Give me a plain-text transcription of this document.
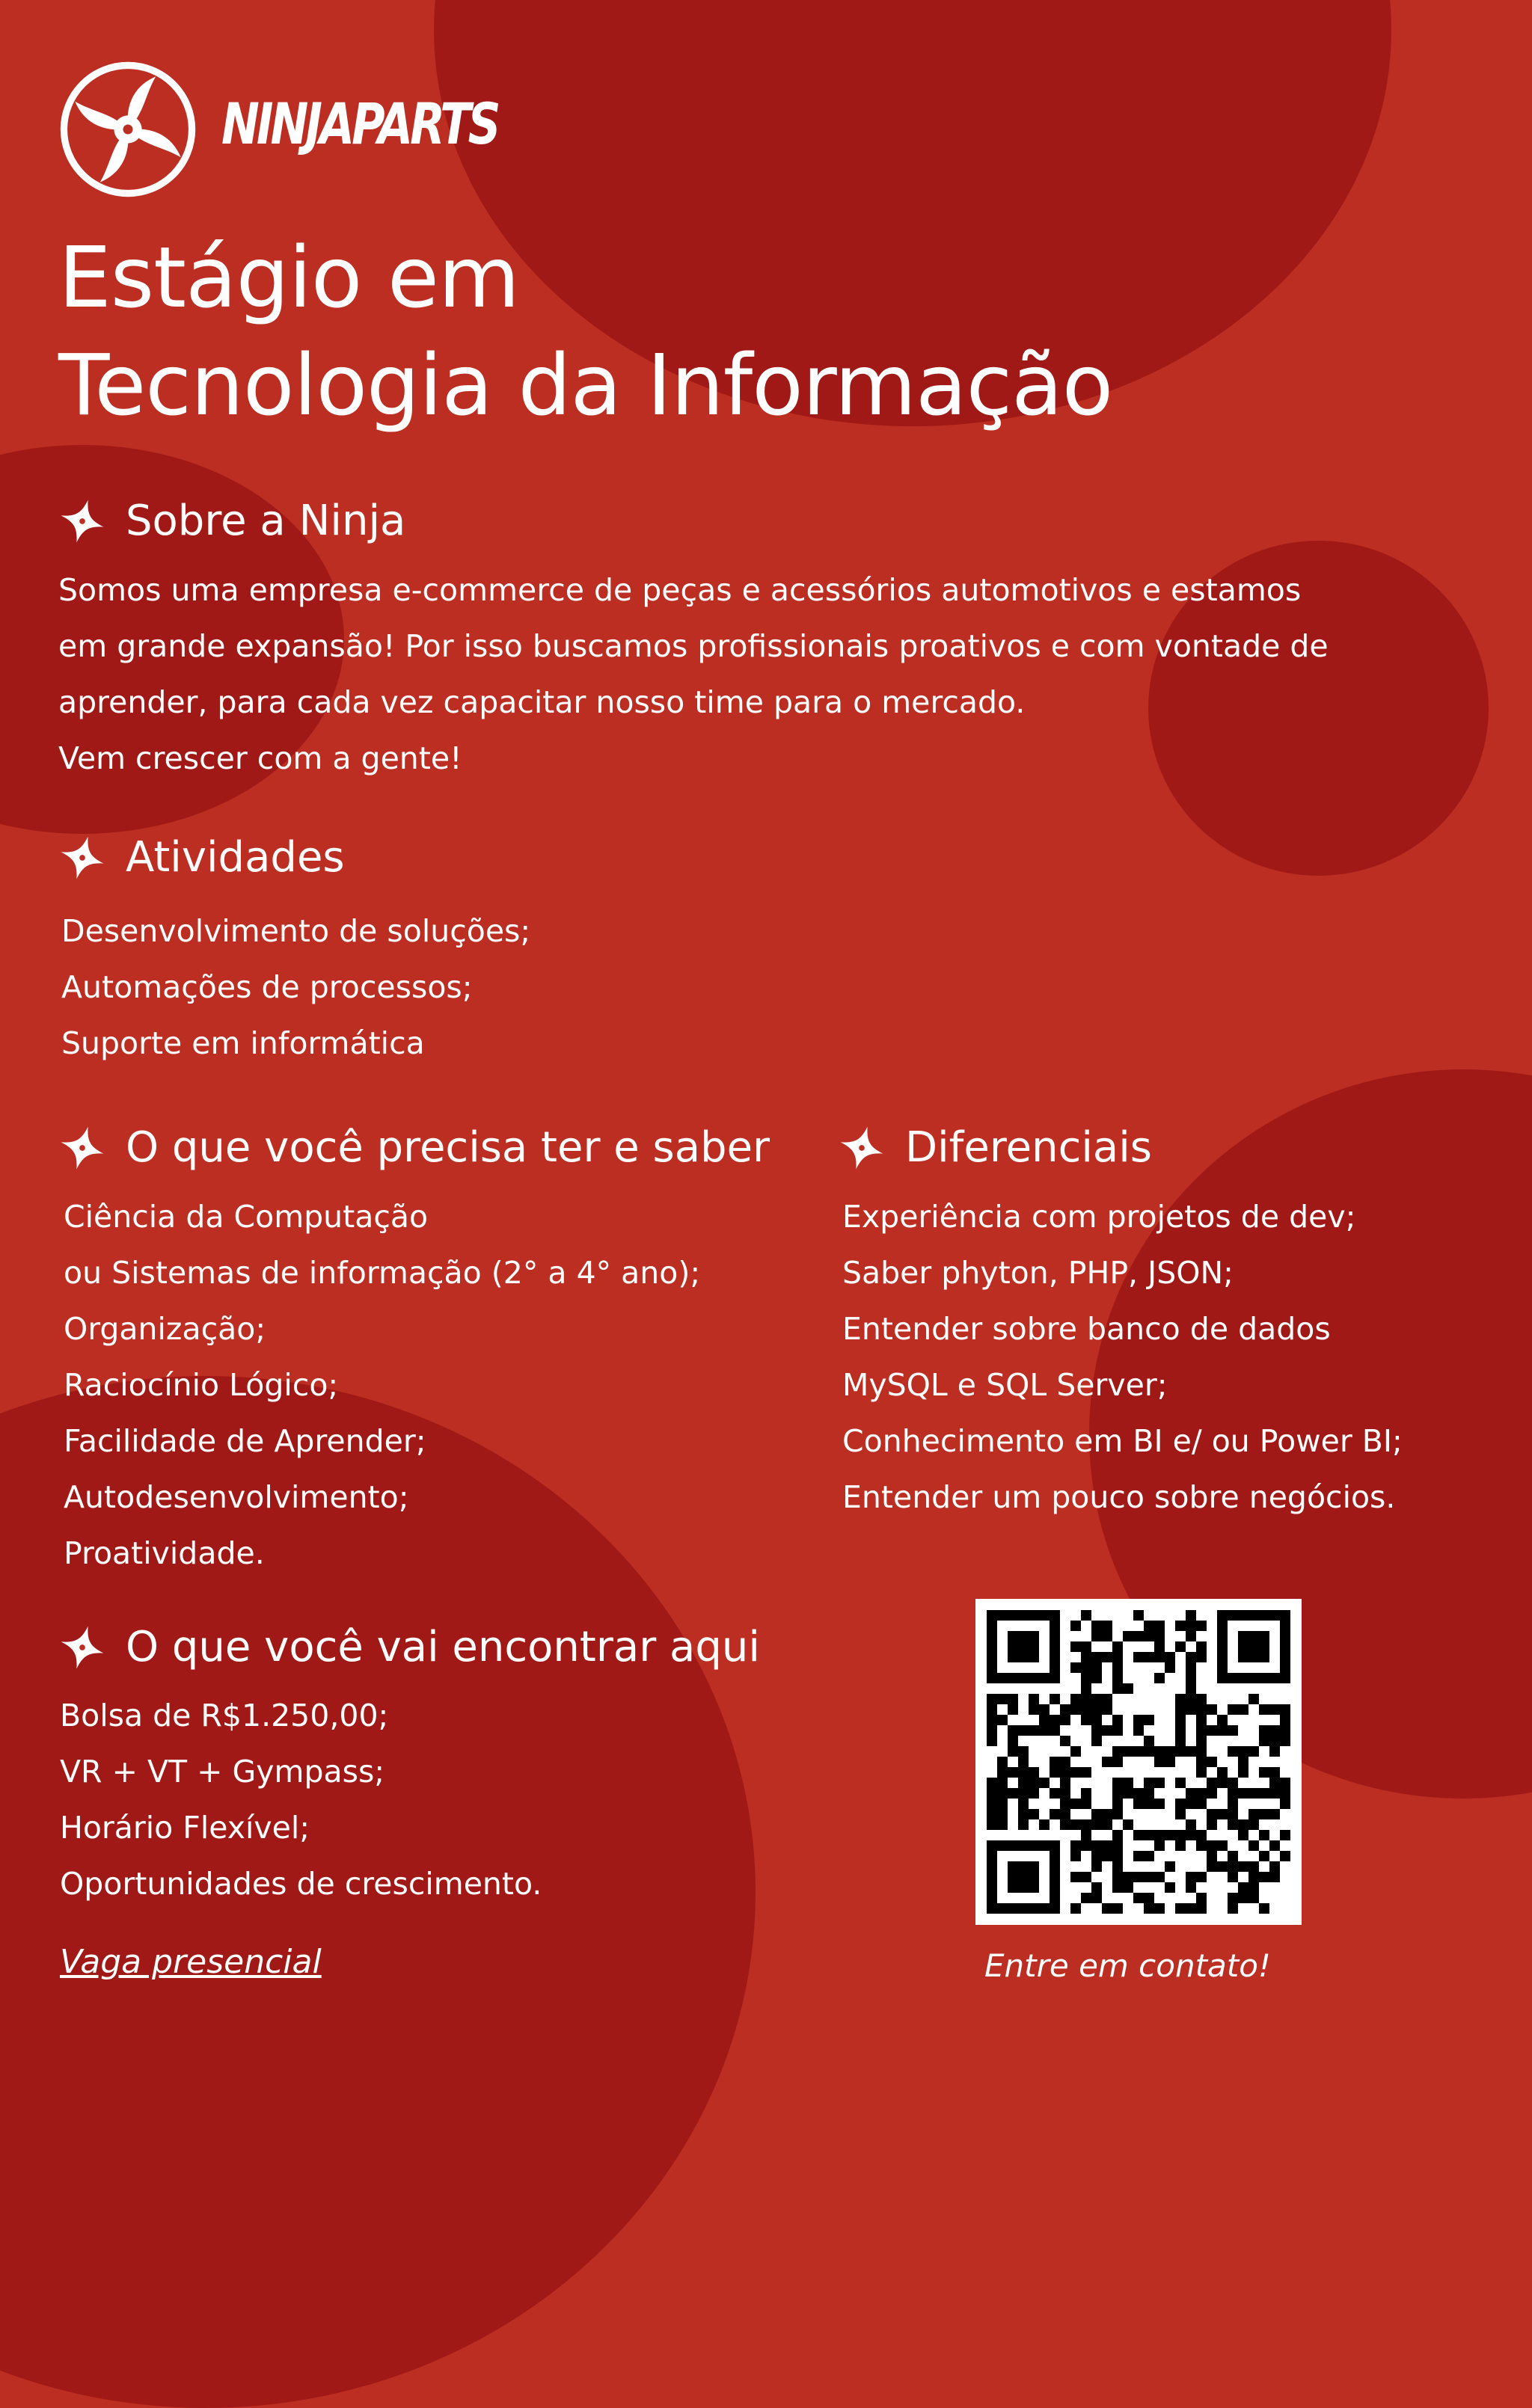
NINJAPARTS
Estágio em
Tecnologia da Informação
Sobre a Ninja
Somos uma empresa e-commerce de peças e acessórios automotivos e estamos
em grande expansão! Por isso buscamos profissionais proativos e com vontade de
aprender, para cada vez capacitar nosso time para o mercado.
Vem crescer com a gente!
Atividades
Desenvolvimento de soluções;
Automações de processos;
Suporte em informática
O que você precisa ter e saber
Ciência da Computação
ou Sistemas de informação (2° a 4° ano);
Organização;
Raciocínio Lógico;
Facilidade de Aprender;
Autodesenvolvimento;
Proatividade.
Diferenciais
Experiência com projetos de dev;
Saber phyton, PHP, JSON;
Entender sobre banco de dados
MySQL e SQL Server;
Conhecimento em BI e/ ou Power BI;
Entender um pouco sobre negócios.
O que você vai encontrar aqui
Bolsa de R$1.250,00;
VR + VT + Gympass;
Horário Flexível;
Oportunidades de crescimento.
Vaga presencial	Entre em contato!
